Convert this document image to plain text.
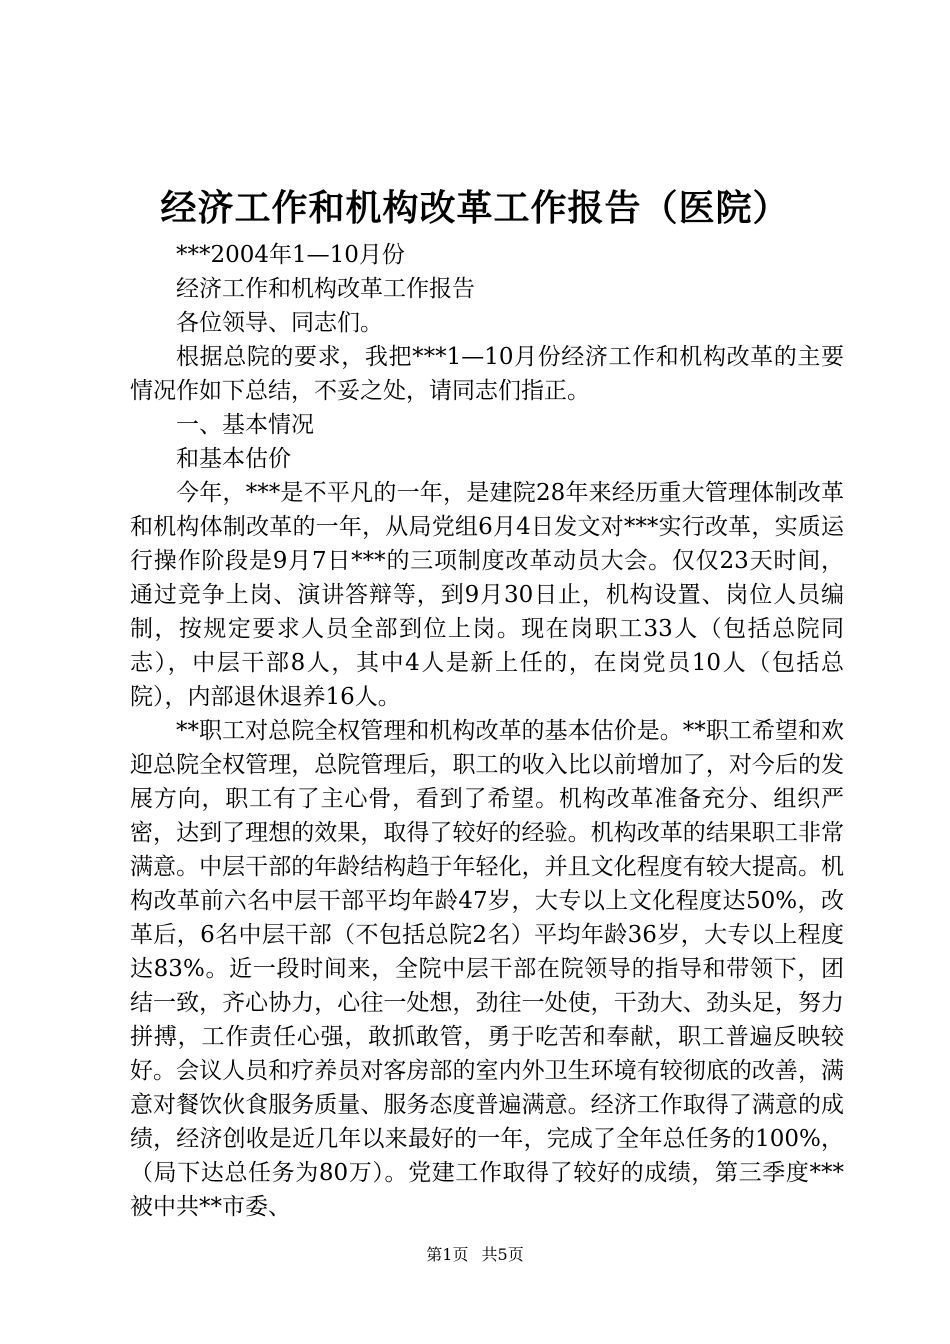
经济工作和机构改革工作报告（医院）
***2004年1—10月份
经济工作和机构改革工作报告
各位领导、同志们。

根据总院的要求，我把***1—10月份经济工作和机构改革的主要情况作如下总结，不妥之处，请同志们指正。

一、基本情况
和基本估价

今年，***是不平凡的一年，是建院28年来经历重大管理体制改革和机构体制改革的一年，从局党组6月4日发文对***实行改革，实质运行操作阶段是9月7日***的三项制度改革动员大会。仅仅23天时间，通过竞争上岗、演讲答辩等，到9月30日止，机构设置、岗位人员编制，按规定要求人员全部到位上岗。现在岗职工33人（包括总院同志），中层干部8人，其中4人是新上任的，在岗党员10人（包括总院），内部退休退养16人。

**职工对总院全权管理和机构改革的基本估价是。**职工希望和欢迎总院全权管理，总院管理后，职工的收入比以前增加了，对今后的发展方向，职工有了主心骨，看到了希望。机构改革准备充分、组织严密，达到了理想的效果，取得了较好的经验。机构改革的结果职工非常满意。中层干部的年龄结构趋于年轻化，并且文化程度有较大提高。机构改革前六名中层干部平均年龄47岁，大专以上文化程度达50%，改革后，6名中层干部（不包括总院2名）平均年龄36岁，大专以上程度达83%。近一段时间来，全院中层干部在院领导的指导和带领下，团结一致，齐心协力，心往一处想，劲往一处使，干劲大、劲头足，努力拼搏，工作责任心强，敢抓敢管，勇于吃苦和奉献，职工普遍反映较好。会议人员和疗养员对客房部的室内外卫生环境有较彻底的改善，满意对餐饮伙食服务质量、服务态度普遍满意。经济工作取得了满意的成绩，经济创收是近几年以来最好的一年，完成了全年总任务的100%，（局下达总任务为80万）。党建工作取得了较好的成绩，第三季度***被中共**市委、

第1页 共5页
